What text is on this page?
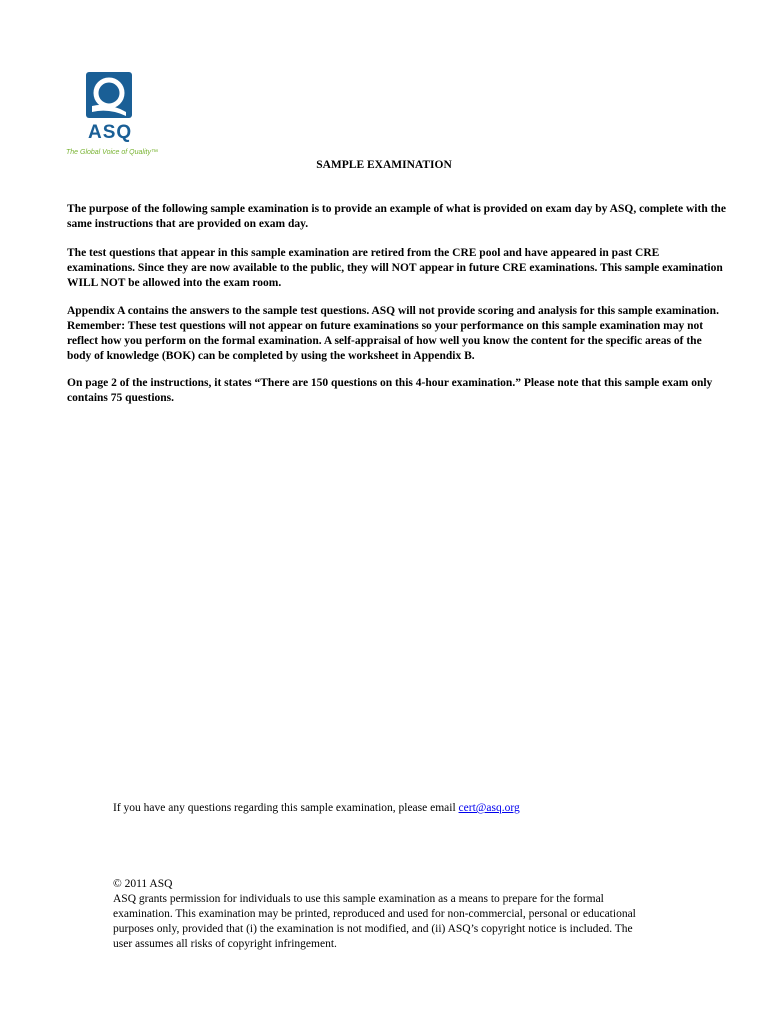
ASQ
The Global Voice of Quality™
SAMPLE EXAMINATION
The purpose of the following sample examination is to provide an example of what is provided on exam day by ASQ, complete with the same instructions that are provided on exam day.
The test questions that appear in this sample examination are retired from the CRE pool and have appeared in past CRE examinations. Since they are now available to the public, they will NOT appear in future CRE examinations. This sample examination WILL NOT be allowed into the exam room.
Appendix A contains the answers to the sample test questions. ASQ will not provide scoring and analysis for this sample examination. Remember: These test questions will not appear on future examinations so your performance on this sample examination may not reflect how you perform on the formal examination. A self-appraisal of how well you know the content for the specific areas of the body of knowledge (BOK) can be completed by using the worksheet in Appendix B.
On page 2 of the instructions, it states “There are 150 questions on this 4-hour examination.” Please note that this sample exam only contains 75 questions.
If you have any questions regarding this sample examination, please email cert@asq.org
© 2011 ASQ
ASQ grants permission for individuals to use this sample examination as a means to prepare for the formal examination. This examination may be printed, reproduced and used for non-commercial, personal or educational purposes only, provided that (i) the examination is not modified, and (ii) ASQ’s copyright notice is included. The user assumes all risks of copyright infringement.
